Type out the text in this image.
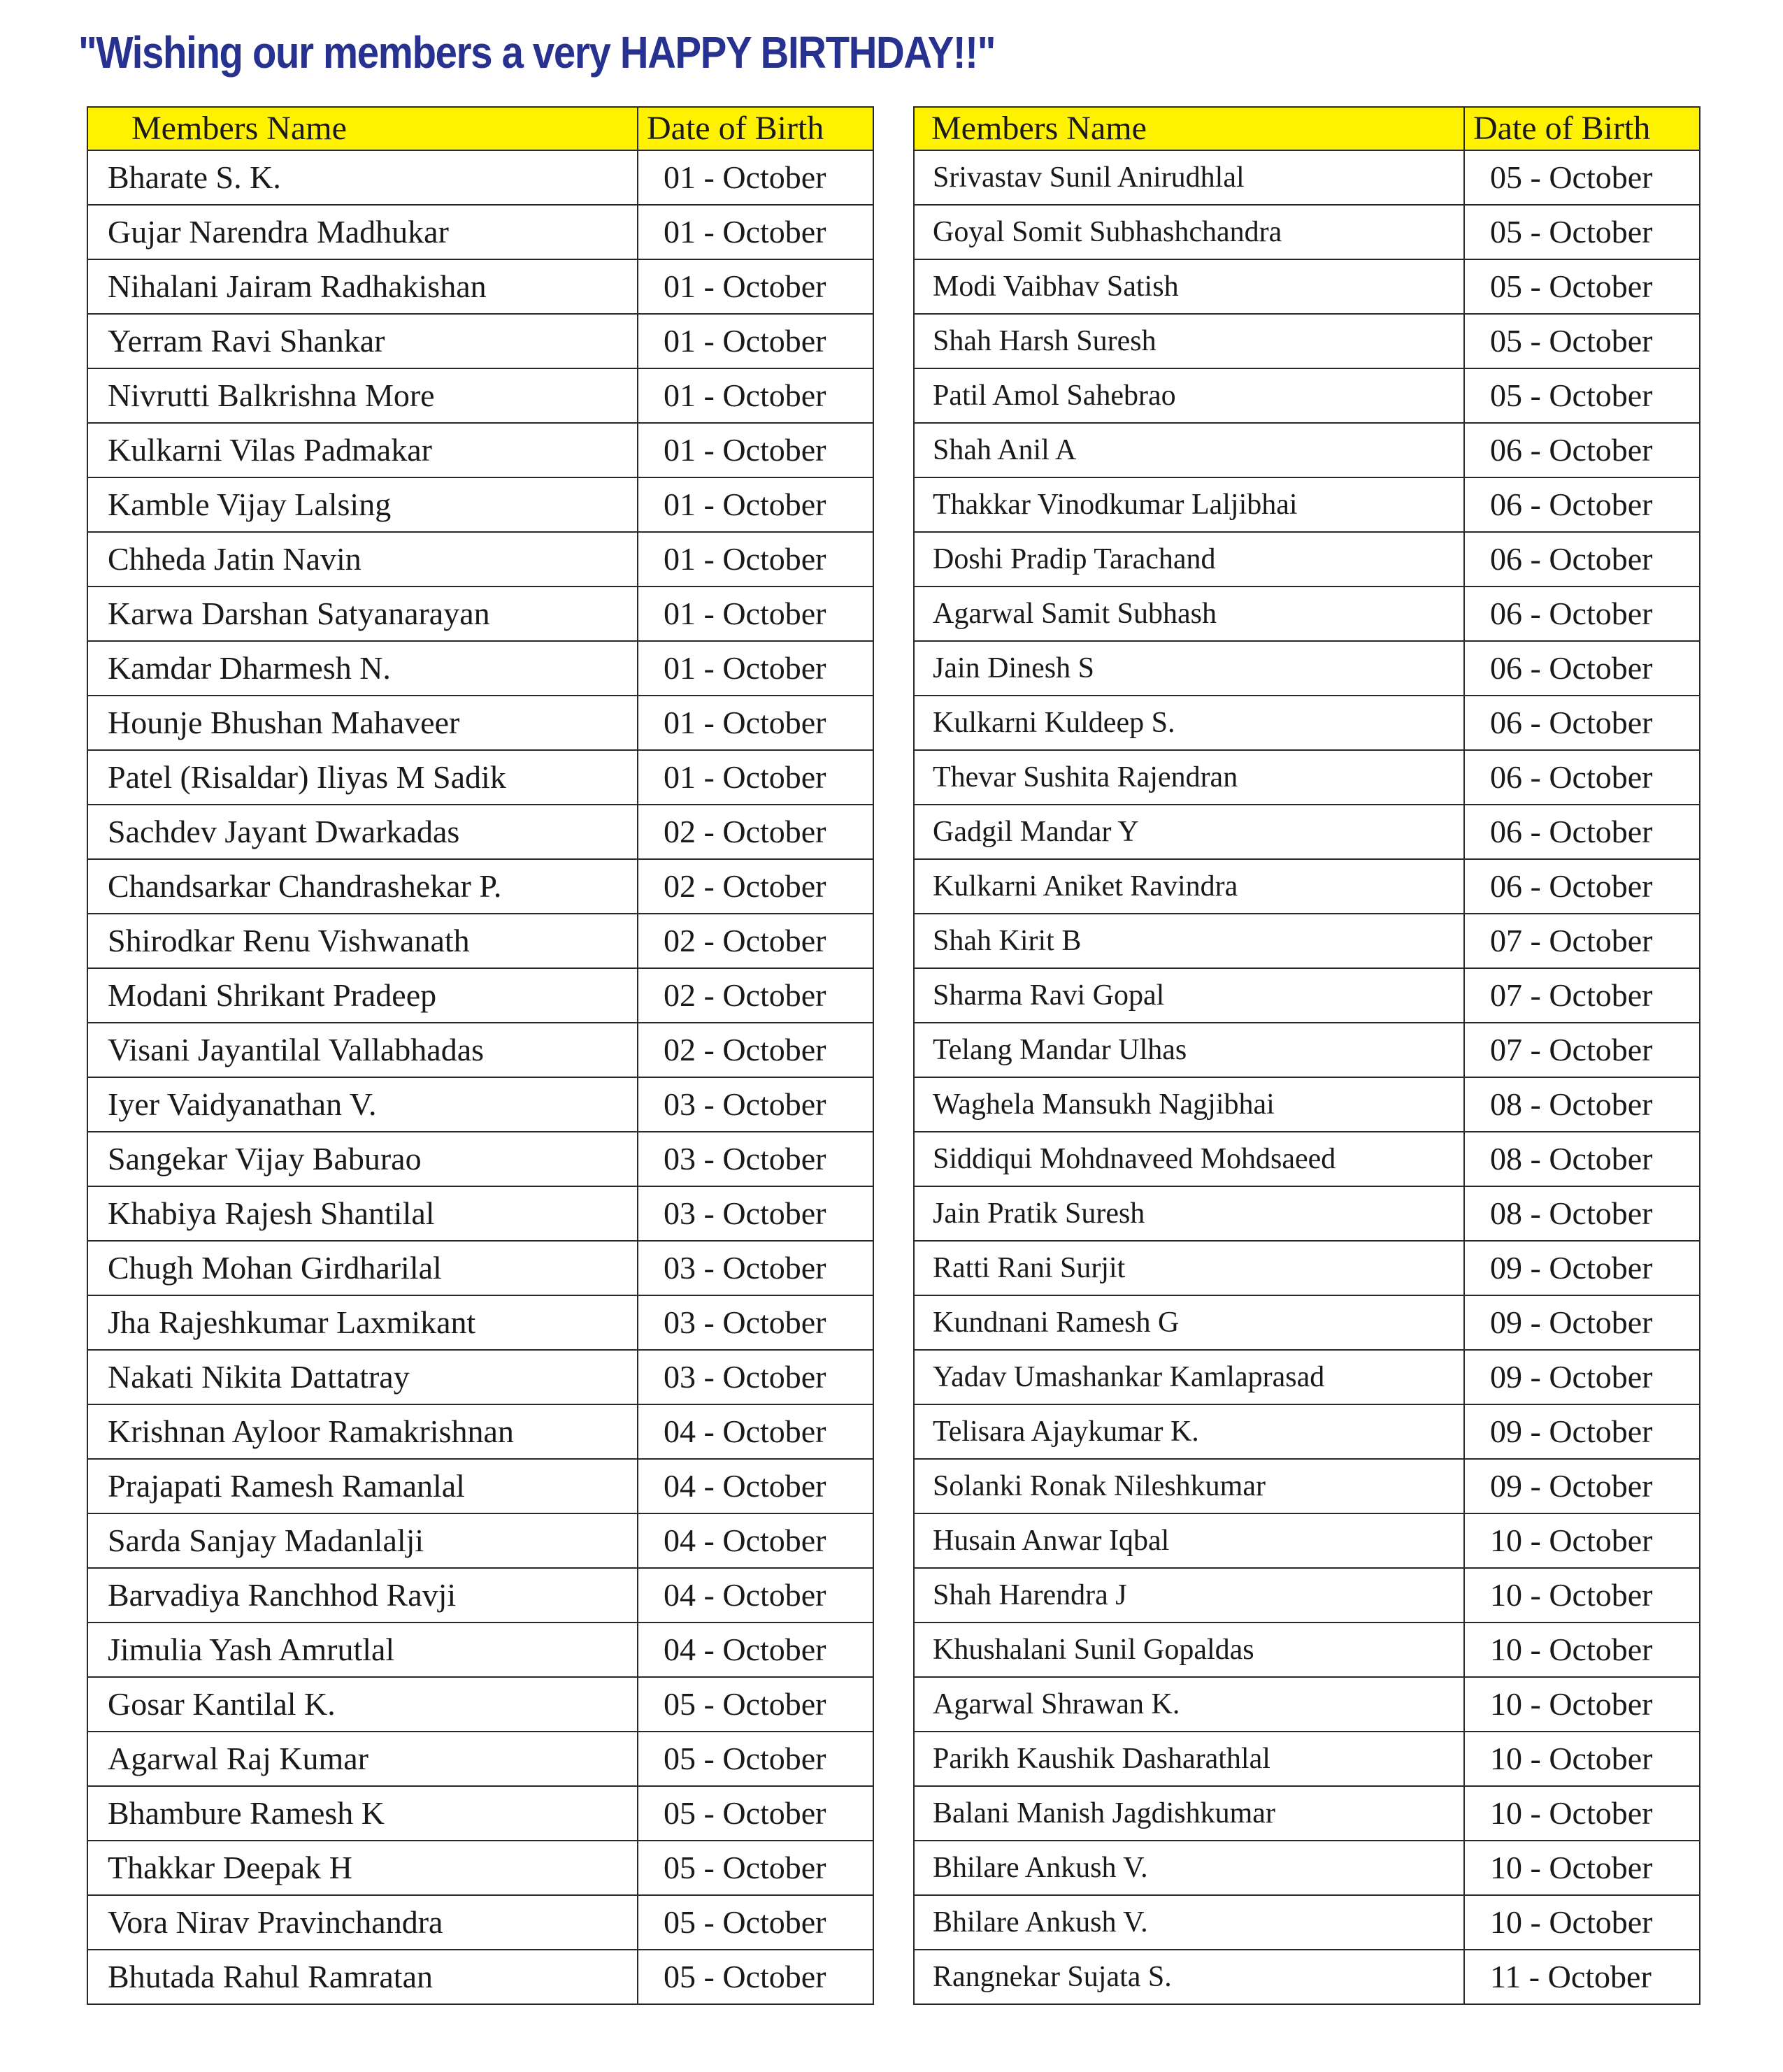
"Wishing our members a very HAPPY BIRTHDAY!!"
Members Name	Date of Birth
Bharate S. K.	01 - October
Gujar Narendra Madhukar	01 - October
Nihalani Jairam Radhakishan	01 - October
Yerram Ravi Shankar	01 - October
Nivrutti Balkrishna More	01 - October
Kulkarni Vilas Padmakar	01 - October
Kamble Vijay Lalsing	01 - October
Chheda Jatin Navin	01 - October
Karwa Darshan Satyanarayan	01 - October
Kamdar Dharmesh N.	01 - October
Hounje Bhushan Mahaveer	01 - October
Patel (Risaldar) Iliyas M Sadik	01 - October
Sachdev Jayant Dwarkadas	02 - October
Chandsarkar Chandrashekar P.	02 - October
Shirodkar Renu Vishwanath	02 - October
Modani Shrikant Pradeep	02 - October
Visani Jayantilal Vallabhadas	02 - October
Iyer Vaidyanathan V.	03 - October
Sangekar Vijay Baburao	03 - October
Khabiya Rajesh Shantilal	03 - October
Chugh Mohan Girdharilal	03 - October
Jha Rajeshkumar Laxmikant	03 - October
Nakati Nikita Dattatray	03 - October
Krishnan Ayloor Ramakrishnan	04 - October
Prajapati Ramesh Ramanlal	04 - October
Sarda Sanjay Madanlalji	04 - October
Barvadiya Ranchhod Ravji	04 - October
Jimulia Yash Amrutlal	04 - October
Gosar Kantilal K.	05 - October
Agarwal Raj Kumar	05 - October
Bhambure Ramesh K	05 - October
Thakkar Deepak H	05 - October
Vora Nirav Pravinchandra	05 - October
Bhutada Rahul Ramratan	05 - October
Members Name	Date of Birth
Srivastav Sunil Anirudhlal	05 - October
Goyal Somit Subhashchandra	05 - October
Modi Vaibhav Satish	05 - October
Shah Harsh Suresh	05 - October
Patil Amol Sahebrao	05 - October
Shah Anil A	06 - October
Thakkar Vinodkumar Laljibhai	06 - October
Doshi Pradip Tarachand	06 - October
Agarwal Samit Subhash	06 - October
Jain Dinesh S	06 - October
Kulkarni Kuldeep S.	06 - October
Thevar Sushita Rajendran	06 - October
Gadgil Mandar Y	06 - October
Kulkarni Aniket Ravindra	06 - October
Shah Kirit B	07 - October
Sharma Ravi Gopal	07 - October
Telang Mandar Ulhas	07 - October
Waghela Mansukh Nagjibhai	08 - October
Siddiqui Mohdnaveed Mohdsaeed	08 - October
Jain Pratik Suresh	08 - October
Ratti Rani Surjit	09 - October
Kundnani Ramesh G	09 - October
Yadav Umashankar Kamlaprasad	09 - October
Telisara Ajaykumar K.	09 - October
Solanki Ronak Nileshkumar	09 - October
Husain Anwar Iqbal	10 - October
Shah Harendra J	10 - October
Khushalani Sunil Gopaldas	10 - October
Agarwal Shrawan K.	10 - October
Parikh Kaushik Dasharathlal	10 - October
Balani Manish Jagdishkumar	10 - October
Bhilare Ankush V.	10 - October
Bhilare Ankush V.	10 - October
Rangnekar Sujata S.	11 - October
